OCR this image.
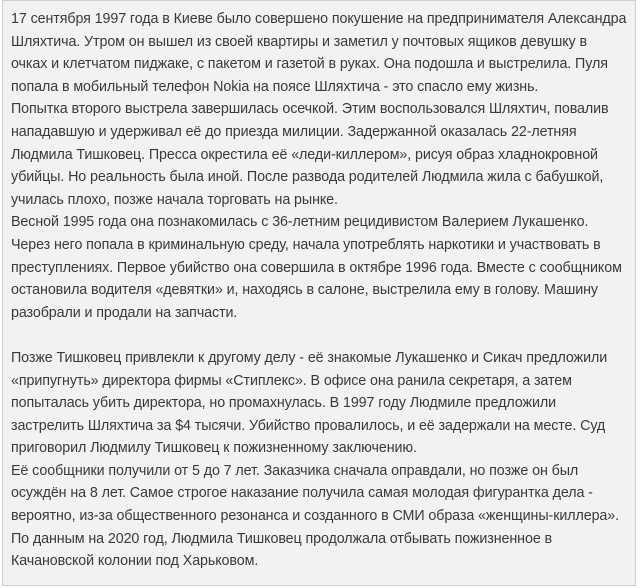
17 сентября 1997 года в Киеве было совершено покушение на предпринимателя Александра Шляхтича. Утром он вышел из своей квартиры и заметил у почтовых ящиков девушку в очках и клетчатом пиджаке, с пакетом и газетой в руках. Она подошла и выстрелила. Пуля попала в мобильный телефон Nokia на поясе Шляхтича - это спасло ему жизнь.

Попытка второго выстрела завершилась осечкой. Этим воспользовался Шляхтич, повалив нападавшую и удерживал её до приезда милиции. Задержанной оказалась 22-летняя Людмила Тишковец. Пресса окрестила её «леди-киллером», рисуя образ хладнокровной убийцы. Но реальность была иной. После развода родителей Людмила жила с бабушкой, училась плохо, позже начала торговать на рынке.

Весной 1995 года она познакомилась с 36-летним рецидивистом Валерием Лукашенко. Через него попала в криминальную среду, начала употреблять наркотики и участвовать в преступлениях. Первое убийство она совершила в октябре 1996 года. Вместе с сообщником остановила водителя «девятки» и, находясь в салоне, выстрелила ему в голову. Машину разобрали и продали на запчасти.

Позже Тишковец привлекли к другому делу - её знакомые Лукашенко и Сикач предложили «припугнуть» директора фирмы «Стиплекс». В офисе она ранила секретаря, а затем попыталась убить директора, но промахнулась. В 1997 году Людмиле предложили застрелить Шляхтича за $4 тысячи. Убийство провалилось, и её задержали на месте. Суд приговорил Людмилу Тишковец к пожизненному заключению.

Её сообщники получили от 5 до 7 лет. Заказчика сначала оправдали, но позже он был осуждён на 8 лет. Самое строгое наказание получила самая молодая фигурантка дела - вероятно, из-за общественного резонанса и созданного в СМИ образа «женщины-киллера». По данным на 2020 год, Людмила Тишковец продолжала отбывать пожизненное в Качановской колонии под Харьковом.
